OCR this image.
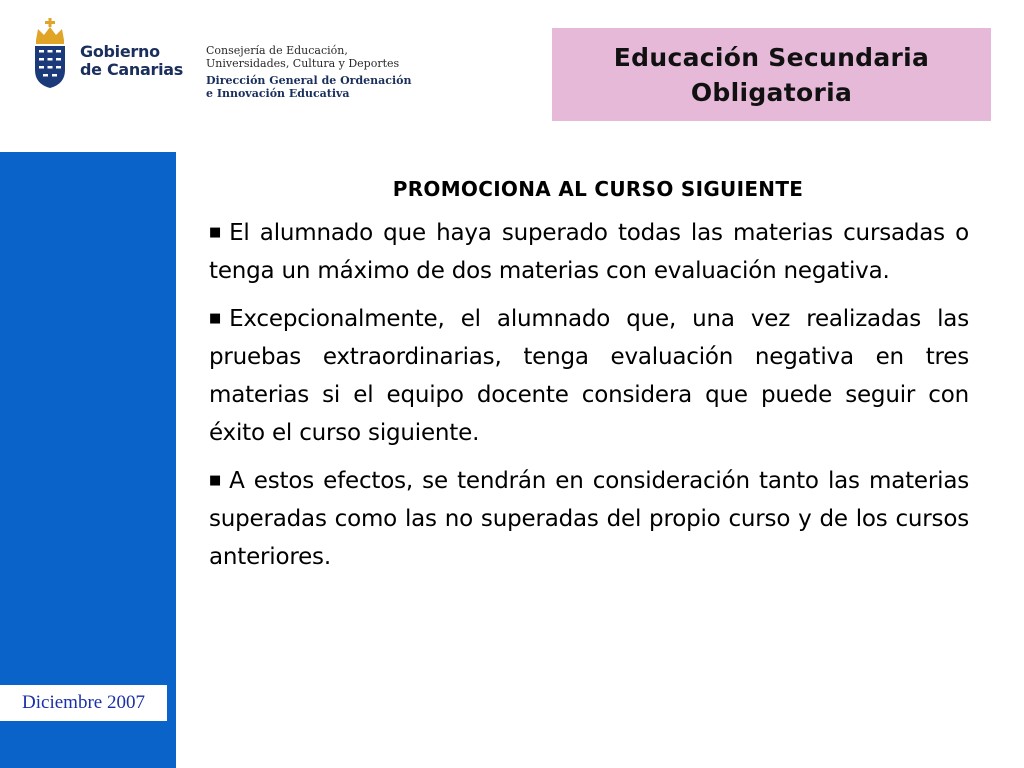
Gobierno
de Canarias
Consejería de Educación,
Universidades, Cultura y Deportes
Dirección General de Ordenación
e Innovación Educativa
Educación Secundaria
Obligatoria
Diciembre 2007
PROMOCIONA AL CURSO SIGUIENTE
■ El alumnado que haya superado todas las materias cursadas o tenga un máximo de dos materias con evaluación negativa.
■ Excepcionalmente, el alumnado que, una vez realizadas las pruebas extraordinarias, tenga evaluación negativa en tres materias si el equipo docente considera que puede seguir con éxito el curso siguiente.
■ A estos efectos, se tendrán en consideración tanto las materias superadas como las no superadas del propio curso y de los cursos anteriores.
